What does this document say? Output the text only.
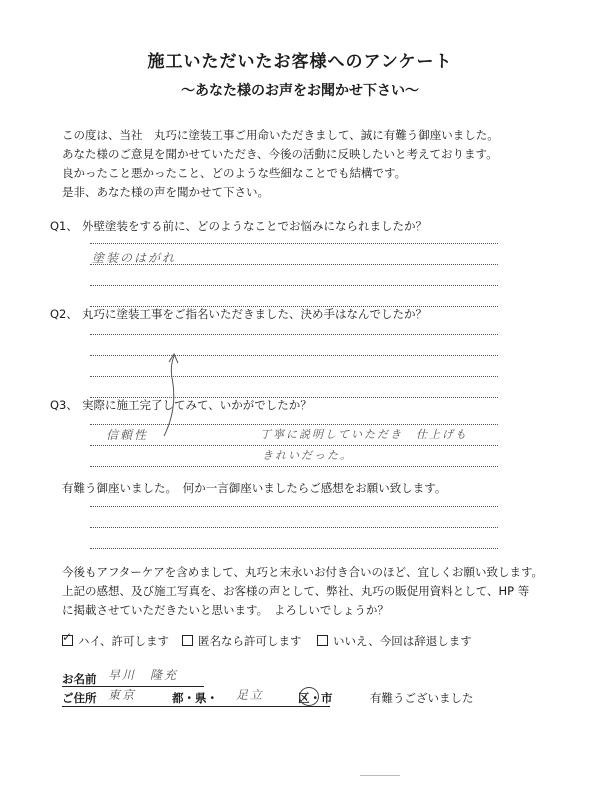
施工いただいたお客様へのアンケート
～あなた様のお声をお聞かせ下さい～
この度は、当社　丸巧に塗装工事ご用命いただきまして、誠に有難う御座いました。
あなた様のご意見を聞かせていただき、今後の活動に反映したいと考えております。
良かったこと悪かったこと、どのような些細なことでも結構です。
是非、あなた様の声を聞かせて下さい。
Q1、 外壁塗装をする前に、どのようなことでお悩みになられましたか？
塗装のはがれ
Q2、 丸巧に塗装工事をご指名いただきました、決め手はなんでしたか？
Q3、 実際に施工完了してみて、いかがでしたか？
信頼性	丁寧に説明していただき　仕上げも
きれいだった。
有難う御座いました。　何か一言御座いましたらご感想をお願い致します。
今後もアフターケアを含めまして、丸巧と末永いお付き合いのほど、宜しくお願い致します。
上記の感想、及び施工写真を、お客様の声として、弊社、丸巧の販促用資料として、HP 等
に掲載させていただきたいと思います。　よろしいでしょうか？
✓ハイ、許可します	匿名なら許可します	いいえ、今回は辞退します
お名前 早川　隆充
ご住所 東京	都・県・ 足立	区・市	有難うございました
